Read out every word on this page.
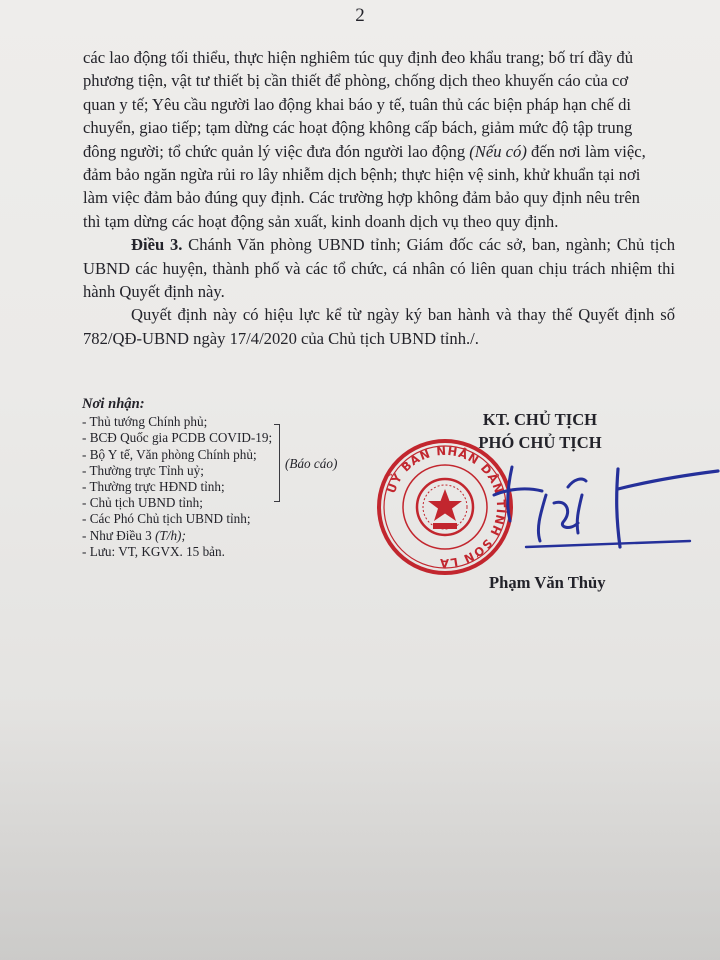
2

các lao động tối thiểu, thực hiện nghiêm túc quy định đeo khẩu trang; bố trí đầy đủ

phương tiện, vật tư thiết bị cần thiết để phòng, chống dịch theo khuyến cáo của cơ

quan y tế; Yêu cầu người lao động khai báo y tế, tuân thủ các biện pháp hạn chế di

chuyển, giao tiếp; tạm dừng các hoạt động không cấp bách, giảm mức độ tập trung

đông người; tổ chức quản lý việc đưa đón người lao động (Nếu có) đến nơi làm việc,

đảm bảo ngăn ngừa rủi ro lây nhiễm dịch bệnh; thực hiện vệ sinh, khử khuẩn tại nơi

làm việc đảm bảo đúng quy định. Các trường hợp không đảm bảo quy định nêu trên

thì tạm dừng các hoạt động sản xuất, kinh doanh dịch vụ theo quy định.

Điều 3. Chánh Văn phòng UBND tỉnh; Giám đốc các sở, ban, ngành; Chủ tịch UBND các huyện, thành phố và các tổ chức, cá nhân có liên quan chịu trách nhiệm thi hành Quyết định này.

Quyết định này có hiệu lực kể từ ngày ký ban hành và thay thế Quyết định số 782/QĐ-UBND ngày 17/4/2020 của Chủ tịch UBND tỉnh./.

Nơi nhận:
- Thủ tướng Chính phủ;
- BCĐ Quốc gia PCDB COVID-19;
- Bộ Y tế, Văn phòng Chính phủ;
- Thường trực Tỉnh uỷ;
- Thường trực HĐND tỉnh;
- Chủ tịch UBND tỉnh;
- Các Phó Chủ tịch UBND tỉnh;
- Như Điều 3 (T/h);
- Lưu: VT, KGVX. 15 bản.
(Báo cáo)
KT. CHỦ TỊCH
PHÓ CHỦ TỊCH
UỶ BAN NHÂN DÂN TỈNH SƠN LA
Phạm Văn Thủy
